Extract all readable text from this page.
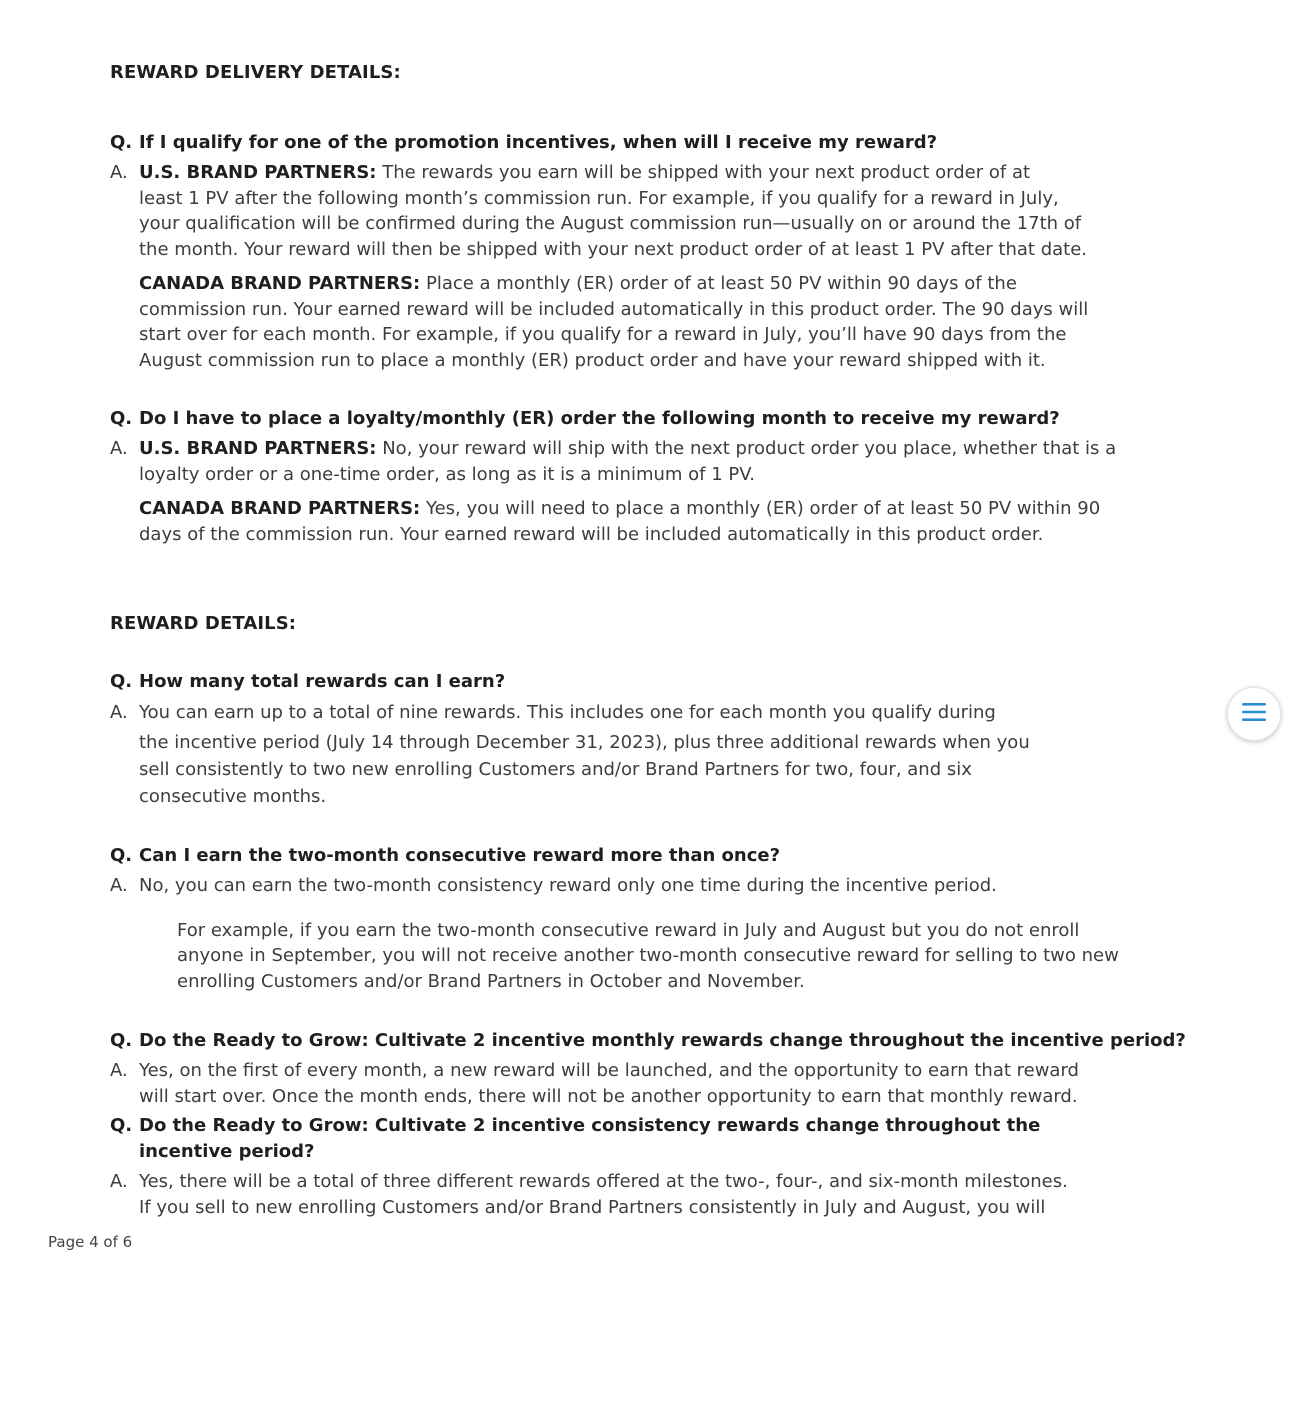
REWARD DELIVERY DETAILS:

Q. If I qualify for one of the promotion incentives, when will I receive my reward?

A. U.S. BRAND PARTNERS: The rewards you earn will be shipped with your next product order of at
least 1 PV after the following month’s commission run. For example, if you qualify for a reward in July,
your qualification will be confirmed during the August commission run—usually on or around the 17th of
the month. Your reward will then be shipped with your next product order of at least 1 PV after that date.
CANADA BRAND PARTNERS: Place a monthly (ER) order of at least 50 PV within 90 days of the
commission run. Your earned reward will be included automatically in this product order. The 90 days will
start over for each month. For example, if you qualify for a reward in July, you’ll have 90 days from the
August commission run to place a monthly (ER) product order and have your reward shipped with it.

Q. Do I have to place a loyalty/monthly (ER) order the following month to receive my reward?

A. U.S. BRAND PARTNERS: No, your reward will ship with the next product order you place, whether that is a
loyalty order or a one-time order, as long as it is a minimum of 1 PV.
CANADA BRAND PARTNERS: Yes, you will need to place a monthly (ER) order of at least 50 PV within 90
days of the commission run. Your earned reward will be included automatically in this product order.

REWARD DETAILS:

Q. How many total rewards can I earn?

A. You can earn up to a total of nine rewards. This includes one for each month you qualify during
the incentive period (July 14 through December 31, 2023), plus three additional rewards when you
sell consistently to two new enrolling Customers and/or Brand Partners for two, four, and six
consecutive months.

Q. Can I earn the two-month consecutive reward more than once?

A. No, you can earn the two-month consistency reward only one time during the incentive period.
For example, if you earn the two-month consecutive reward in July and August but you do not enroll
anyone in September, you will not receive another two-month consecutive reward for selling to two new
enrolling Customers and/or Brand Partners in October and November.

Q. Do the Ready to Grow: Cultivate 2 incentive monthly rewards change throughout the incentive period?

A. Yes, on the first of every month, a new reward will be launched, and the opportunity to earn that reward
will start over. Once the month ends, there will not be another opportunity to earn that monthly reward.
Q. Do the Ready to Grow: Cultivate 2 incentive consistency rewards change throughout the
incentive period?
A. Yes, there will be a total of three different rewards offered at the two-, four-, and six-month milestones.
If you sell to new enrolling Customers and/or Brand Partners consistently in July and August, you will
Page 4 of 6
